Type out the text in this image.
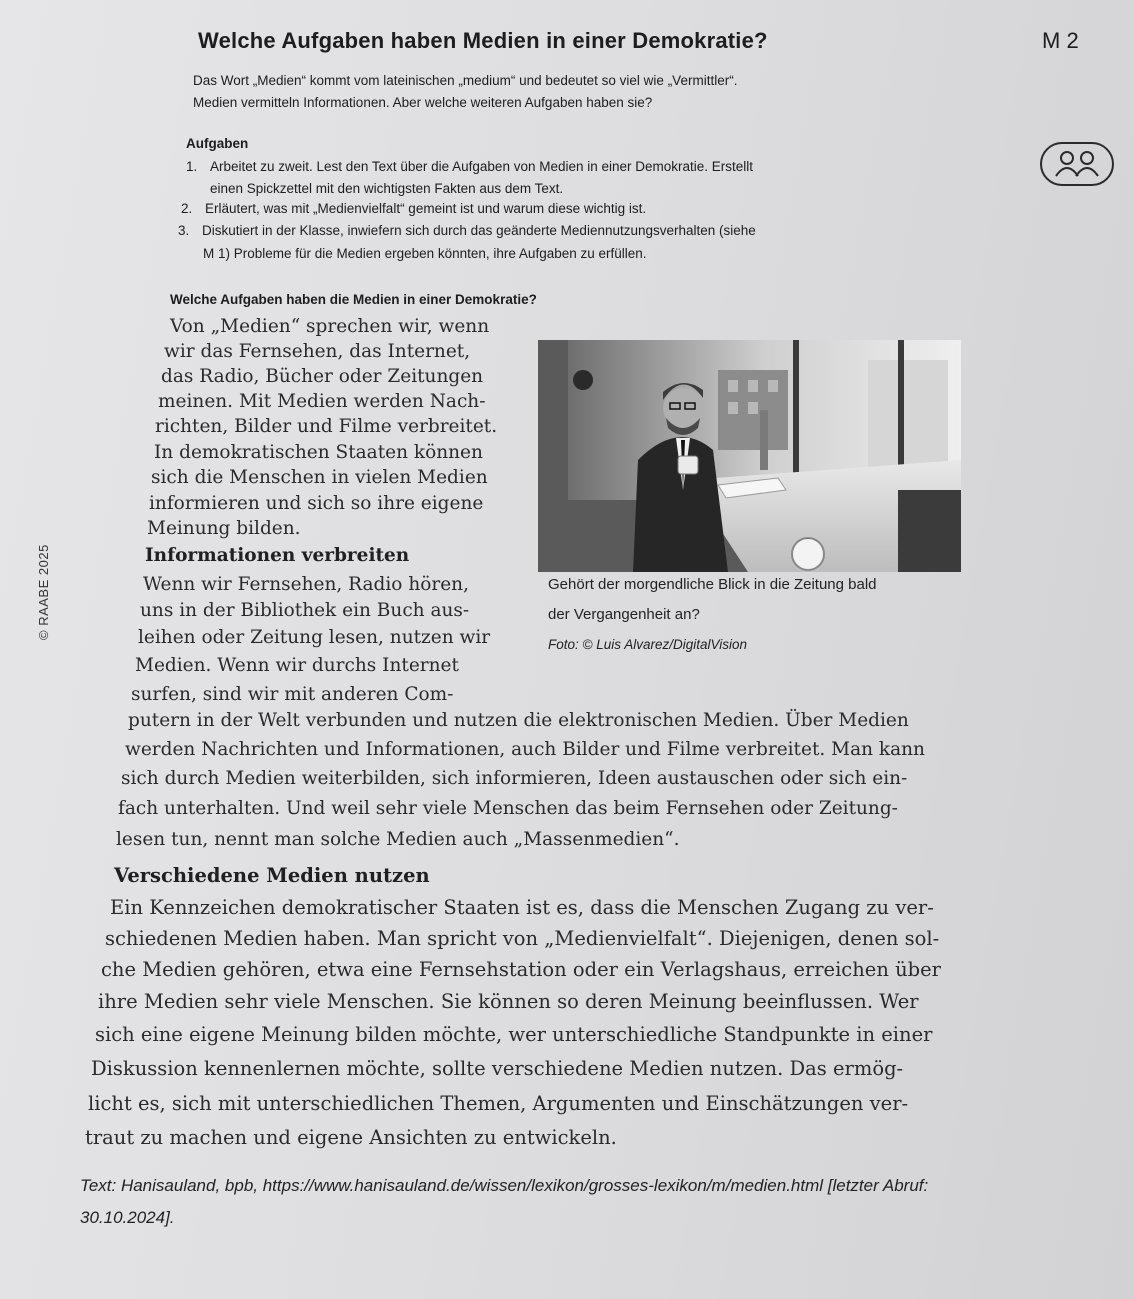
Welche Aufgaben haben Medien in einer Demokratie?	M 2

Das Wort „Medien“ kommt vom lateinischen „medium“ und bedeutet so viel wie „Vermittler“.

Medien vermitteln Informationen. Aber welche weiteren Aufgaben haben sie?

Aufgaben
1. Arbeitet zu zweit. Lest den Text über die Aufgaben von Medien in einer Demokratie. Erstellt
einen Spickzettel mit den wichtigsten Fakten aus dem Text.
2. Erläutert, was mit „Medienvielfalt“ gemeint ist und warum diese wichtig ist.
3. Diskutiert in der Klasse, inwiefern sich durch das geänderte Mediennutzungsverhalten (siehe
M 1) Probleme für die Medien ergeben könnten, ihre Aufgaben zu erfüllen.
Welche Aufgaben haben die Medien in einer Demokratie?
Von „Medien“ sprechen wir, wenn
wir das Fernsehen, das Internet,
das Radio, Bücher oder Zeitungen
meinen. Mit Medien werden Nach-
richten, Bilder und Filme verbreitet.
In demokratischen Staaten können
sich die Menschen in vielen Medien
informieren und sich so ihre eigene
Meinung bilden.
Informationen verbreiten
Wenn wir Fernsehen, Radio hören,
uns in der Bibliothek ein Buch aus-
leihen oder Zeitung lesen, nutzen wir
Medien. Wenn wir durchs Internet
surfen, sind wir mit anderen Com-
putern in der Welt verbunden und nutzen die elektronischen Medien. Über Medien
werden Nachrichten und Informationen, auch Bilder und Filme verbreitet. Man kann
sich durch Medien weiterbilden, sich informieren, Ideen austauschen oder sich ein-
fach unterhalten. Und weil sehr viele Menschen das beim Fernsehen oder Zeitung-
lesen tun, nennt man solche Medien auch „Massenmedien“.
Verschiedene Medien nutzen
Ein Kennzeichen demokratischer Staaten ist es, dass die Menschen Zugang zu ver-
schiedenen Medien haben. Man spricht von „Medienvielfalt“. Diejenigen, denen sol-
che Medien gehören, etwa eine Fernsehstation oder ein Verlagshaus, erreichen über
ihre Medien sehr viele Menschen. Sie können so deren Meinung beeinflussen. Wer
sich eine eigene Meinung bilden möchte, wer unterschiedliche Standpunkte in einer
Diskussion kennenlernen möchte, sollte verschiedene Medien nutzen. Das ermög-
licht es, sich mit unterschiedlichen Themen, Argumenten und Einschätzungen ver-
traut zu machen und eigene Ansichten zu entwickeln.
Gehört der morgendliche Blick in die Zeitung bald
der Vergangenheit an?
Foto: © Luis Alvarez/DigitalVision
© RAABE 2025
Text: Hanisauland, bpb, https://www.hanisauland.de/wissen/lexikon/grosses-lexikon/m/medien.html [letzter Abruf:
30.10.2024].
